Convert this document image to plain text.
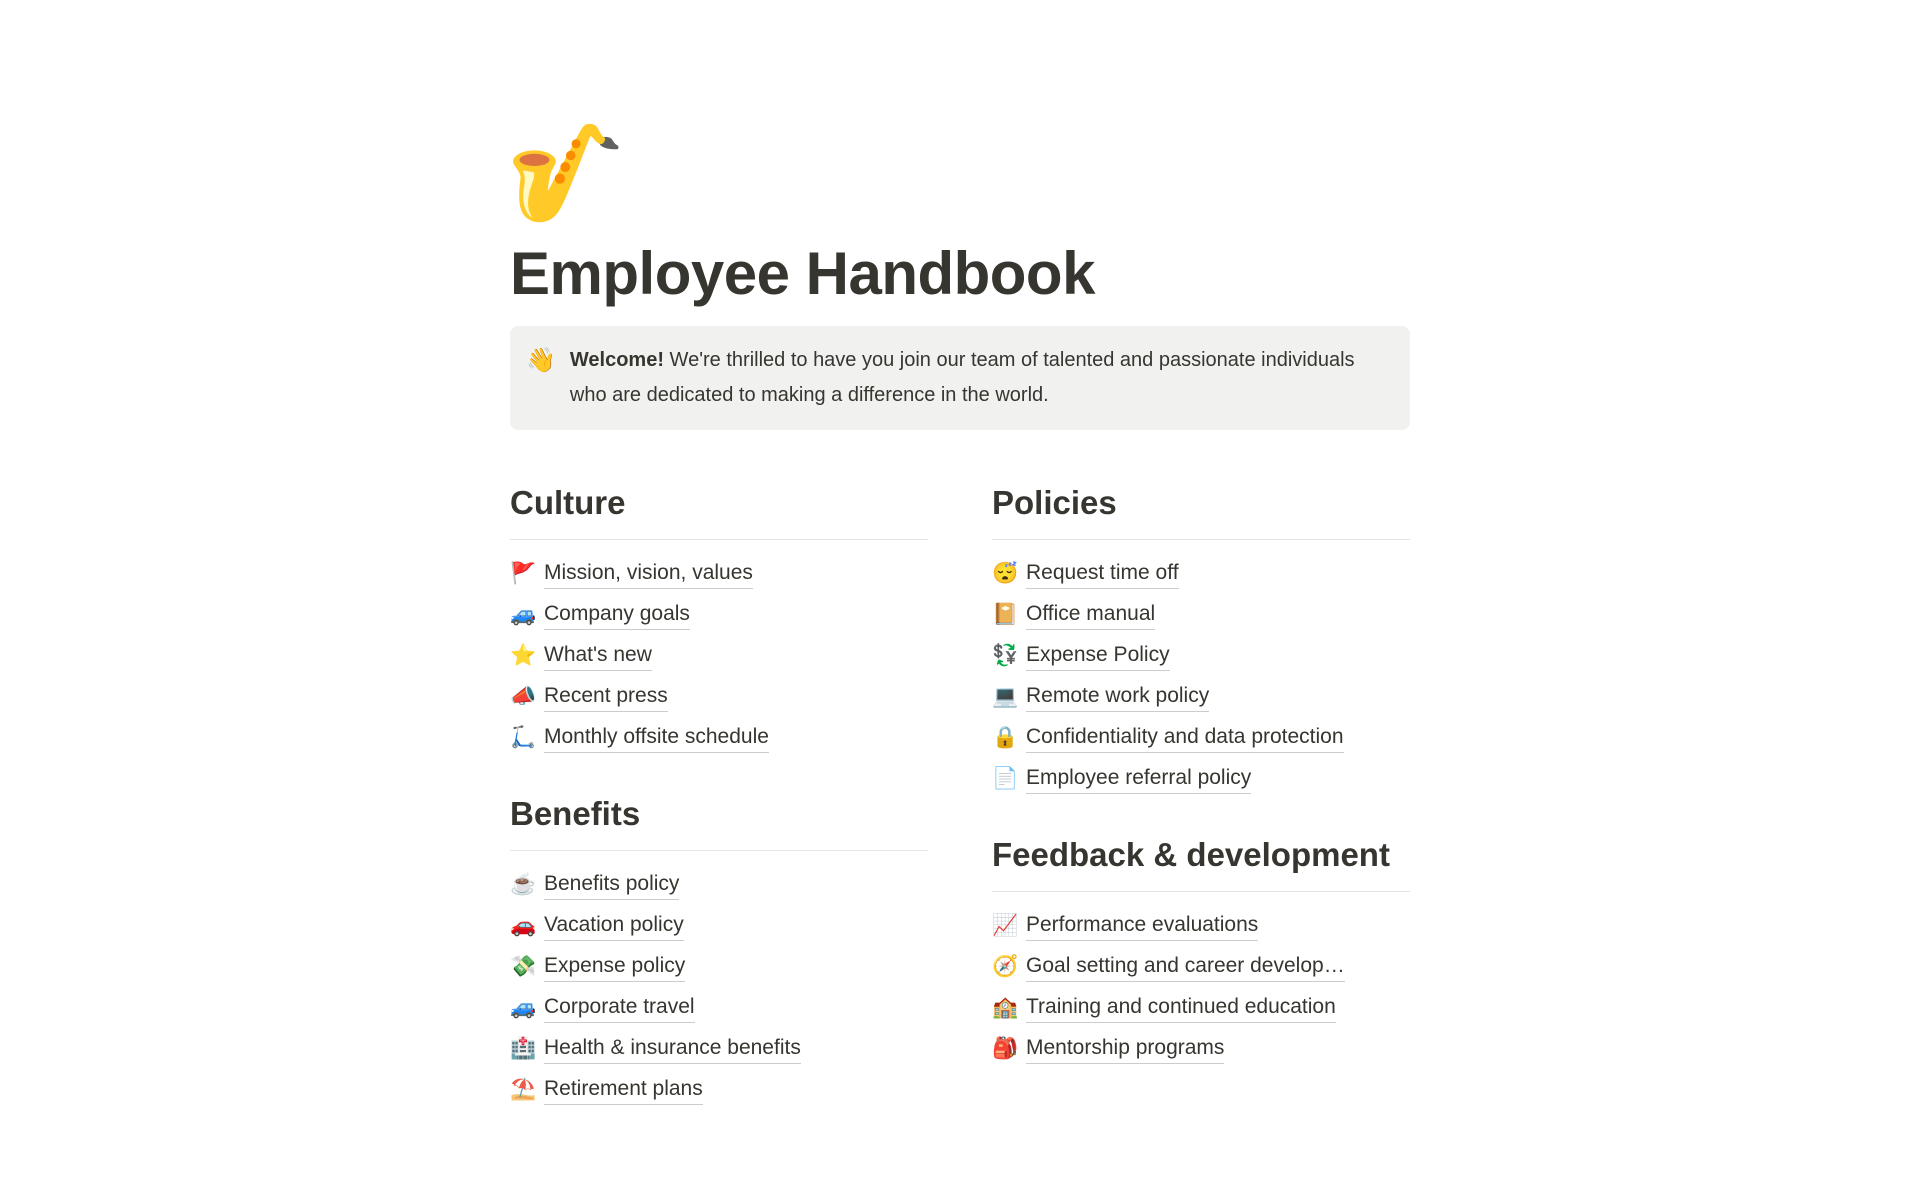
🎷
Employee Handbook
👋 Welcome! We're thrilled to have you join our team of talented and passionate individuals who are dedicated to making a difference in the world.
Culture
🚩 Mission, vision, values
🚙 Company goals
⭐ What's new
📣 Recent press
🛴 Monthly offsite schedule
Benefits
☕ Benefits policy
🚗 Vacation policy
💸 Expense policy
🚙 Corporate travel
🏥 Health & insurance benefits
⛱️ Retirement plans
Policies
😴 Request time off
📔 Office manual
💱 Expense Policy
💻 Remote work policy
🔒 Confidentiality and data protection
📄 Employee referral policy
Feedback & development
📈 Performance evaluations
🧭 Goal setting and career develop…
🏫 Training and continued education
🎒 Mentorship programs
